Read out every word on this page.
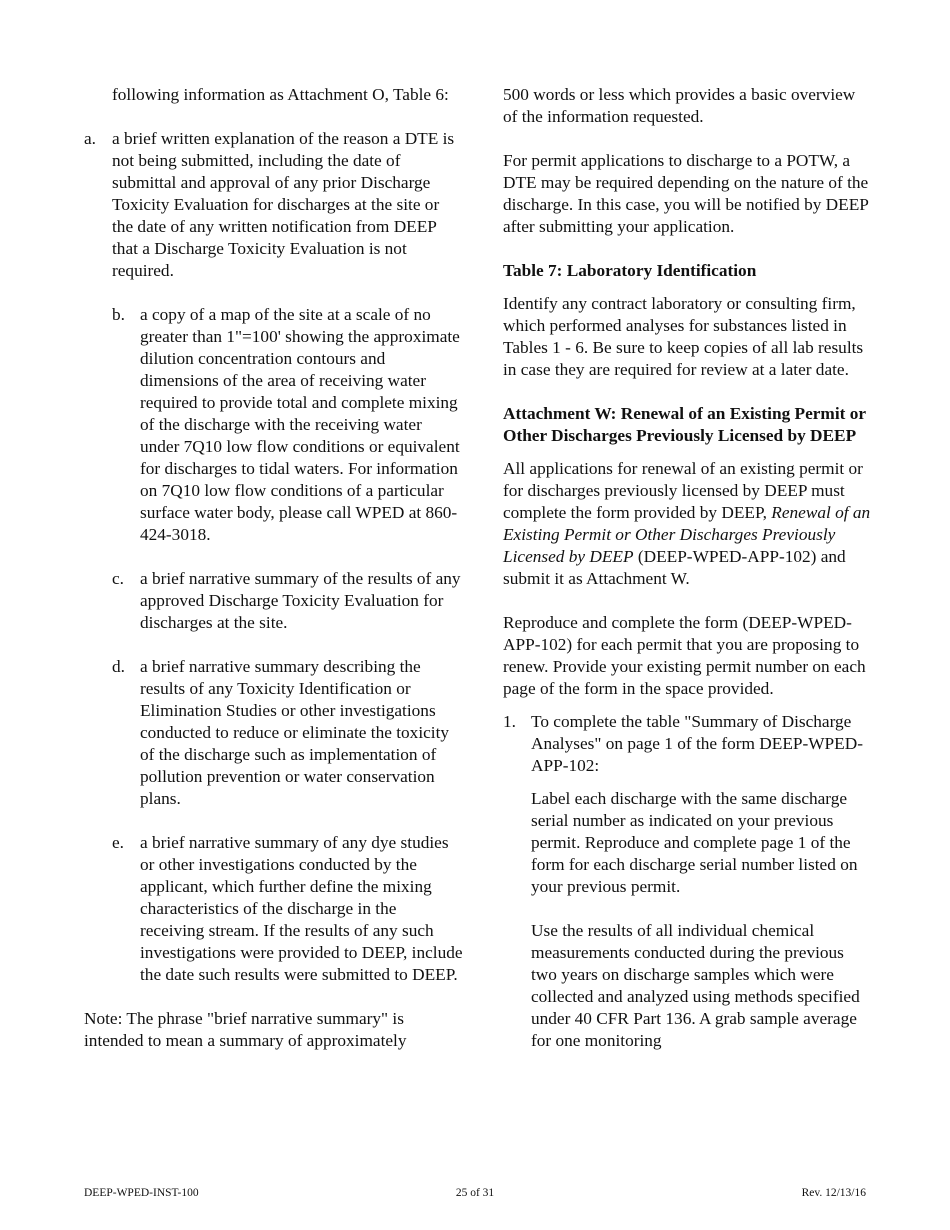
following information as Attachment O, Table 6:

a. a brief written explanation of the reason a DTE is not being submitted, including the date of submittal and approval of any prior Discharge Toxicity Evaluation for discharges at the site or the date of any written notification from DEEP that a Discharge Toxicity Evaluation is not required.

b. a copy of a map of the site at a scale of no greater than 1"=100' showing the approximate dilution concentration contours and dimensions of the area of receiving water required to provide total and complete mixing of the discharge with the receiving water under 7Q10 low flow conditions or equivalent for discharges to tidal waters. For information on 7Q10 low flow conditions of a particular surface water body, please call WPED at 860-424-3018.

c. a brief narrative summary of the results of any approved Discharge Toxicity Evaluation for discharges at the site.

d. a brief narrative summary describing the results of any Toxicity Identification or Elimination Studies or other investigations conducted to reduce or eliminate the toxicity of the discharge such as implementation of pollution prevention or water conservation plans.

e. a brief narrative summary of any dye studies or other investigations conducted by the applicant, which further define the mixing characteristics of the discharge in the receiving stream. If the results of any such investigations were provided to DEEP, include the date such results were submitted to DEEP.

Note: The phrase "brief narrative summary" is intended to mean a summary of approximately

500 words or less which provides a basic overview of the information requested.

For permit applications to discharge to a POTW, a DTE may be required depending on the nature of the discharge. In this case, you will be notified by DEEP after submitting your application.

Table 7: Laboratory Identification

Identify any contract laboratory or consulting firm, which performed analyses for substances listed in Tables 1 - 6. Be sure to keep copies of all lab results in case they are required for review at a later date.

Attachment W: Renewal of an Existing Permit or Other Discharges Previously Licensed by DEEP

All applications for renewal of an existing permit or for discharges previously licensed by DEEP must complete the form provided by DEEP, Renewal of an Existing Permit or Other Discharges Previously Licensed by DEEP (DEEP-WPED-APP-102) and submit it as Attachment W.

Reproduce and complete the form (DEEP-WPED-APP-102) for each permit that you are proposing to renew. Provide your existing permit number on each page of the form in the space provided.

1. To complete the table "Summary of Discharge Analyses" on page 1 of the form DEEP-WPED-APP-102:

Label each discharge with the same discharge serial number as indicated on your previous permit. Reproduce and complete page 1 of the form for each discharge serial number listed on your previous permit.

Use the results of all individual chemical measurements conducted during the previous two years on discharge samples which were collected and analyzed using methods specified under 40 CFR Part 136. A grab sample average for one monitoring

DEEP-WPED-INST-100	25 of 31	Rev. 12/13/16
